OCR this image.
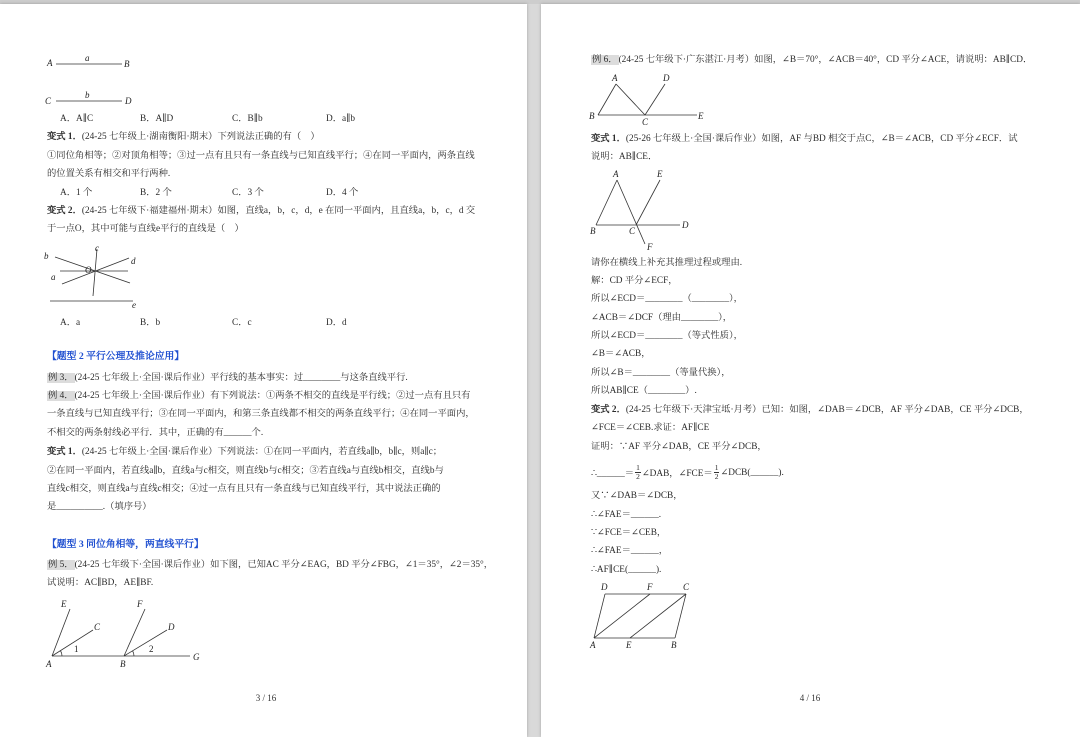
A	a
B
C
b
D
A．A∥C	B．A∥D	C．B∥b	D．a∥b
变式 1．(24-25 七年级上·湖南衡阳·期末）下列说法正确的有（　）
①同位角相等；②对顶角相等；③过一点有且只有一条直线与已知直线平行；④在同一平面内，两条直线
的位置关系有相交和平行两种.
A．1 个	B．2 个	C．3 个	D．4 个
变式 2．(24-25 七年级下·福建福州·期末）如图，直线a，b，c，d，e 在同一平面内，且直线a，b，c，d 交
于一点O，其中可能与直线e平行的直线是（　）
b
c
d
a
O
e
A．a	B．b	C．c	D．d
【题型 2 平行公理及推论应用】
例 3．(24-25 七年级上·全国·课后作业）平行线的基本事实：过________与这条直线平行.
例 4．(24-25 七年级上·全国·课后作业）有下列说法：①两条不相交的直线是平行线；②过一点有且只有
一条直线与已知直线平行；③在同一平面内，和第三条直线都不相交的两条直线平行；④在同一平面内，
不相交的两条射线必平行．其中，正确的有______个.
变式 1．(24-25 七年级上·全国·课后作业）下列说法：①在同一平面内，若直线a∥b，b∥c，则a∥c；
②在同一平面内，若直线a∥b，直线a与c相交，则直线b与c相交；③若直线a与直线b相交，直线b与
直线c相交，则直线a与直线c相交；④过一点有且只有一条直线与已知直线平行，其中说法正确的
是__________.（填序号）
【题型 3 同位角相等，两直线平行】
例 5．(24-25 七年级下·全国·课后作业）如下图，已知AC 平分∠EAG，BD 平分∠FBG，∠1＝35°，∠2＝35°，
试说明：AC∥BD，AE∥BF.
E	F
C	D
1	2
A	B
G
3 / 16
例 6．(24-25 七年级下·广东湛江·月考）如图，∠B＝70°，∠ACB＝40°，CD 平分∠ACE，请说明：AB∥CD．
A	D
B
C
E
变式 1．(25-26 七年级上·全国·课后作业）如图，AF 与BD 相交于点C，∠B＝∠ACB，CD 平分∠ECF．试
说明：AB∥CE．
A	E
B	C
D
F
请你在横线上补充其推理过程或理由.
解：CD 平分∠ECF，
所以∠ECD＝________（________），
∠ACB＝∠DCF（理由________），
所以∠ECD＝________（等式性质），
∠B＝∠ACB，
所以∠B＝________（等量代换），
所以AB∥CE（________）.
变式 2．(24-25 七年级下·天津宝坻·月考）已知：如图，∠DAB＝∠DCB，AF 平分∠DAB，CE 平分∠DCB，
∠FCE＝∠CEB.求证：AF∥CE
证明：∵AF 平分∠DAB，CE 平分∠DCB，
∴______＝ $\frac{1}{2}$ ∠DAB，∠FCE＝ $\frac{1}{2}$ ∠DCB(______).
又∵∠DAB＝∠DCB，
∴∠FAE＝______.
∵∠FCE＝∠CEB，
∴∠FAE＝______，
∴AF∥CE(______).
D	F	C
A	E	B
4 / 16
